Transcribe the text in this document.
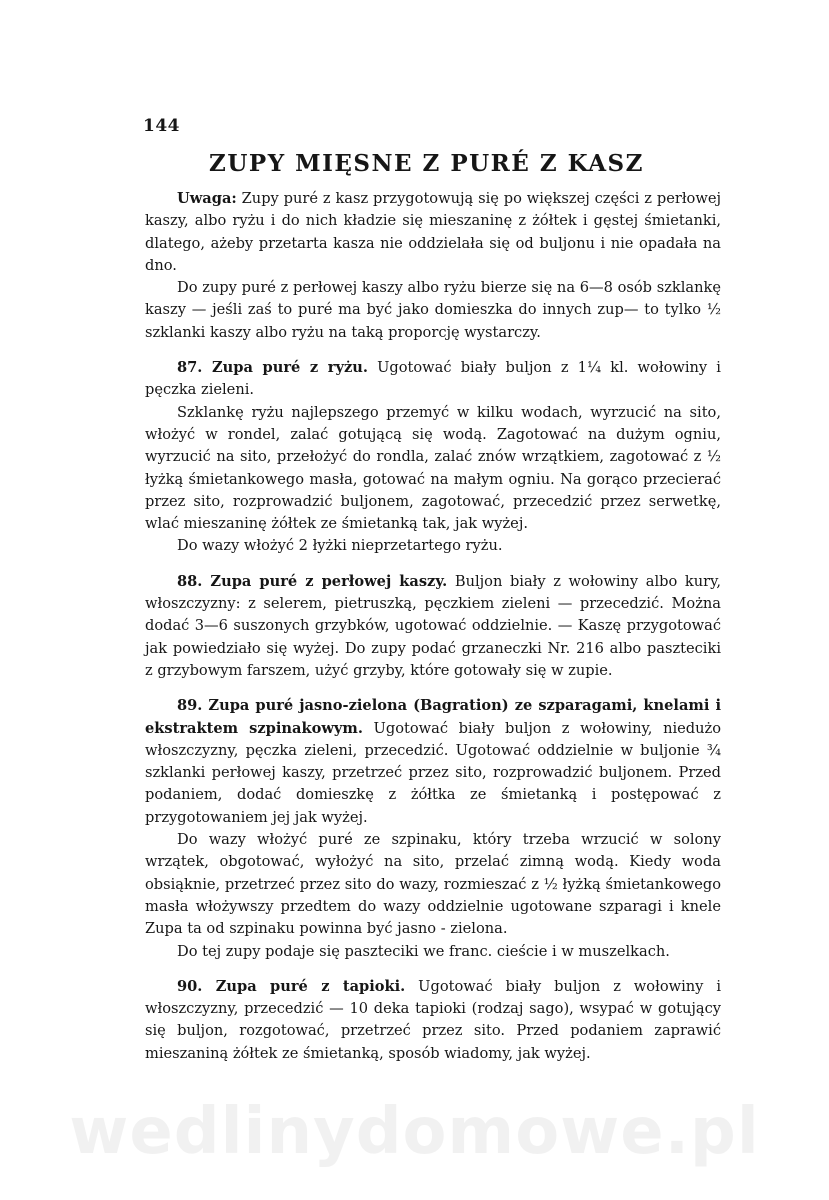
144
ZUPY MIĘSNE Z PURÉ Z KASZ

Uwaga: Zupy puré z kasz przygotowują się po większej części z perłowej kaszy, albo ryżu i do nich kładzie się mieszaninę z żółtek i gęstej śmietanki, dlatego, ażeby przetarta kasza nie oddzielała się od buljonu i nie opadała na dno.

Do zupy puré z perłowej kaszy albo ryżu bierze się na 6—8 osób szklankę kaszy — jeśli zaś to puré ma być jako domieszka do innych zup— to tylko ½ szklanki kaszy albo ryżu na taką proporcję wystarczy.

87. Zupa puré z ryżu. Ugotować biały buljon z 1¼ kl. wołowiny i pęczka zieleni.

Szklankę ryżu najlepszego przemyć w kilku wodach, wyrzucić na sito, włożyć w rondel, zalać gotującą się wodą. Zagotować na dużym ogniu, wyrzucić na sito, przełożyć do rondla, zalać znów wrzątkiem, zagotować z ½ łyżką śmietankowego masła, gotować na małym ogniu. Na gorąco przecierać przez sito, rozprowadzić buljonem, zagotować, przecedzić przez serwetkę, wlać mieszaninę żółtek ze śmietanką tak, jak wyżej.

Do wazy włożyć 2 łyżki nieprzetartego ryżu.

88. Zupa puré z perłowej kaszy. Buljon biały z wołowiny albo kury, włoszczyzny: z selerem, pietruszką, pęczkiem zieleni — przecedzić. Można dodać 3—6 suszonych grzybków, ugotować oddzielnie. — Kaszę przygotować jak powiedziało się wyżej. Do zupy podać grzaneczki Nr. 216 albo paszteciki z grzybowym farszem, użyć grzyby, które gotowały się w zupie.

89. Zupa puré jasno-zielona (Bagration) ze szparagami, knelami i ekstraktem szpinakowym. Ugotować biały buljon z wołowiny, niedużo włoszczyzny, pęczka zieleni, przecedzić. Ugotować oddzielnie w buljonie ¾ szklanki perłowej kaszy, przetrzeć przez sito, rozprowadzić buljonem. Przed podaniem, dodać domieszkę z żółtka ze śmietanką i postępować z przygotowaniem jej jak wyżej.

Do wazy włożyć puré ze szpinaku, który trzeba wrzucić w solony wrzątek, obgotować, wyłożyć na sito, przelać zimną wodą. Kiedy woda obsiąknie, przetrzeć przez sito do wazy, rozmieszać z ½ łyżką śmietankowego masła włożywszy przedtem do wazy oddzielnie ugotowane szparagi i knele Zupa ta od szpinaku powinna być jasno - zielona.

Do tej zupy podaje się paszteciki we franc. cieście i w muszelkach.

90. Zupa puré z tapioki. Ugotować biały buljon z wołowiny i włoszczyzny, przecedzić — 10 deka tapioki (rodzaj sago), wsypać w gotujący się buljon, rozgotować, przetrzeć przez sito. Przed podaniem zaprawić mieszaniną żółtek ze śmietanką, sposób wiadomy, jak wyżej.

wedlinydomowe.pl
